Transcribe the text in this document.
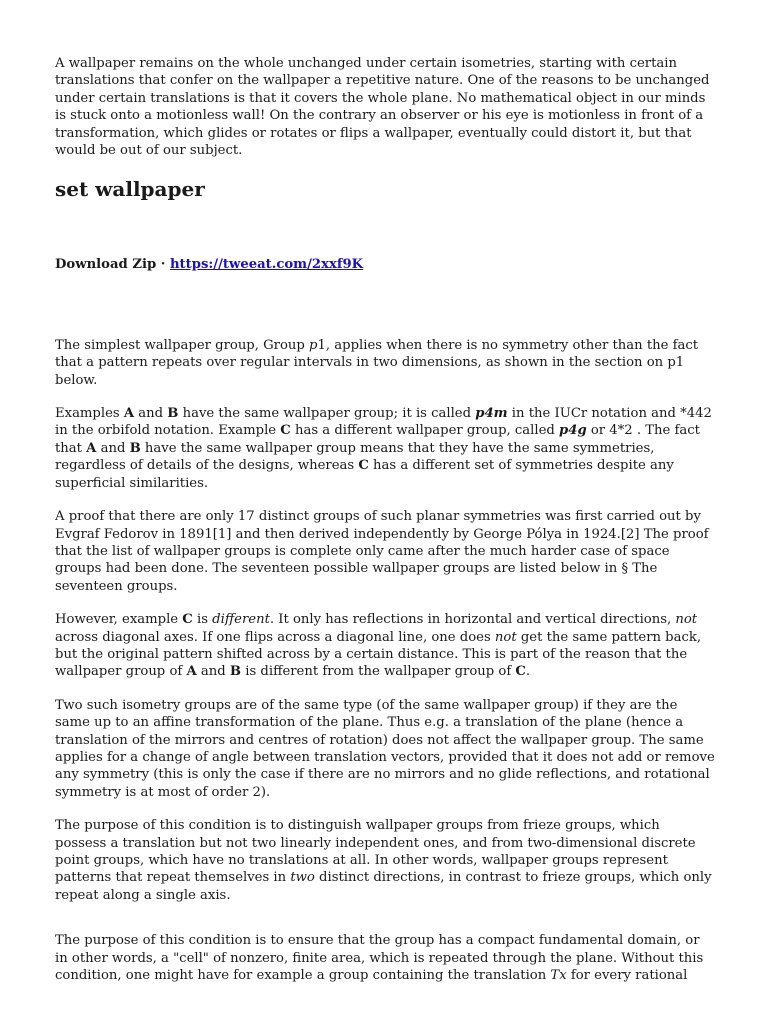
A wallpaper remains on the whole unchanged under certain isometries, starting with certain translations that confer on the wallpaper a repetitive nature. One of the reasons to be unchanged under certain translations is that it covers the whole plane. No mathematical object in our minds is stuck onto a motionless wall! On the contrary an observer or his eye is motionless in front of a transformation, which glides or rotates or flips a wallpaper, eventually could distort it, but that would be out of our subject.

set wallpaper

Download Zip · https://tweeat.com/2xxf9K

The simplest wallpaper group, Group p1, applies when there is no symmetry other than the fact that a pattern repeats over regular intervals in two dimensions, as shown in the section on p1 below.

Examples A and B have the same wallpaper group; it is called p4m in the IUCr notation and *442 in the orbifold notation. Example C has a different wallpaper group, called p4g or 4*2 . The fact that A and B have the same wallpaper group means that they have the same symmetries, regardless of details of the designs, whereas C has a different set of symmetries despite any superficial similarities.

A proof that there are only 17 distinct groups of such planar symmetries was first carried out by Evgraf Fedorov in 1891[1] and then derived independently by George Pólya in 1924.[2] The proof that the list of wallpaper groups is complete only came after the much harder case of space groups had been done. The seventeen possible wallpaper groups are listed below in § The seventeen groups.

However, example C is different. It only has reflections in horizontal and vertical directions, not across diagonal axes. If one flips across a diagonal line, one does not get the same pattern back, but the original pattern shifted across by a certain distance. This is part of the reason that the wallpaper group of A and B is different from the wallpaper group of C.

Two such isometry groups are of the same type (of the same wallpaper group) if they are the same up to an affine transformation of the plane. Thus e.g. a translation of the plane (hence a translation of the mirrors and centres of rotation) does not affect the wallpaper group. The same applies for a change of angle between translation vectors, provided that it does not add or remove any symmetry (this is only the case if there are no mirrors and no glide reflections, and rotational symmetry is at most of order 2).

The purpose of this condition is to distinguish wallpaper groups from frieze groups, which possess a translation but not two linearly independent ones, and from two-dimensional discrete point groups, which have no translations at all. In other words, wallpaper groups represent patterns that repeat themselves in two distinct directions, in contrast to frieze groups, which only repeat along a single axis.

The purpose of this condition is to ensure that the group has a compact fundamental domain, or in other words, a "cell" of nonzero, finite area, which is repeated through the plane. Without this condition, one might have for example a group containing the translation Tx for every rational
